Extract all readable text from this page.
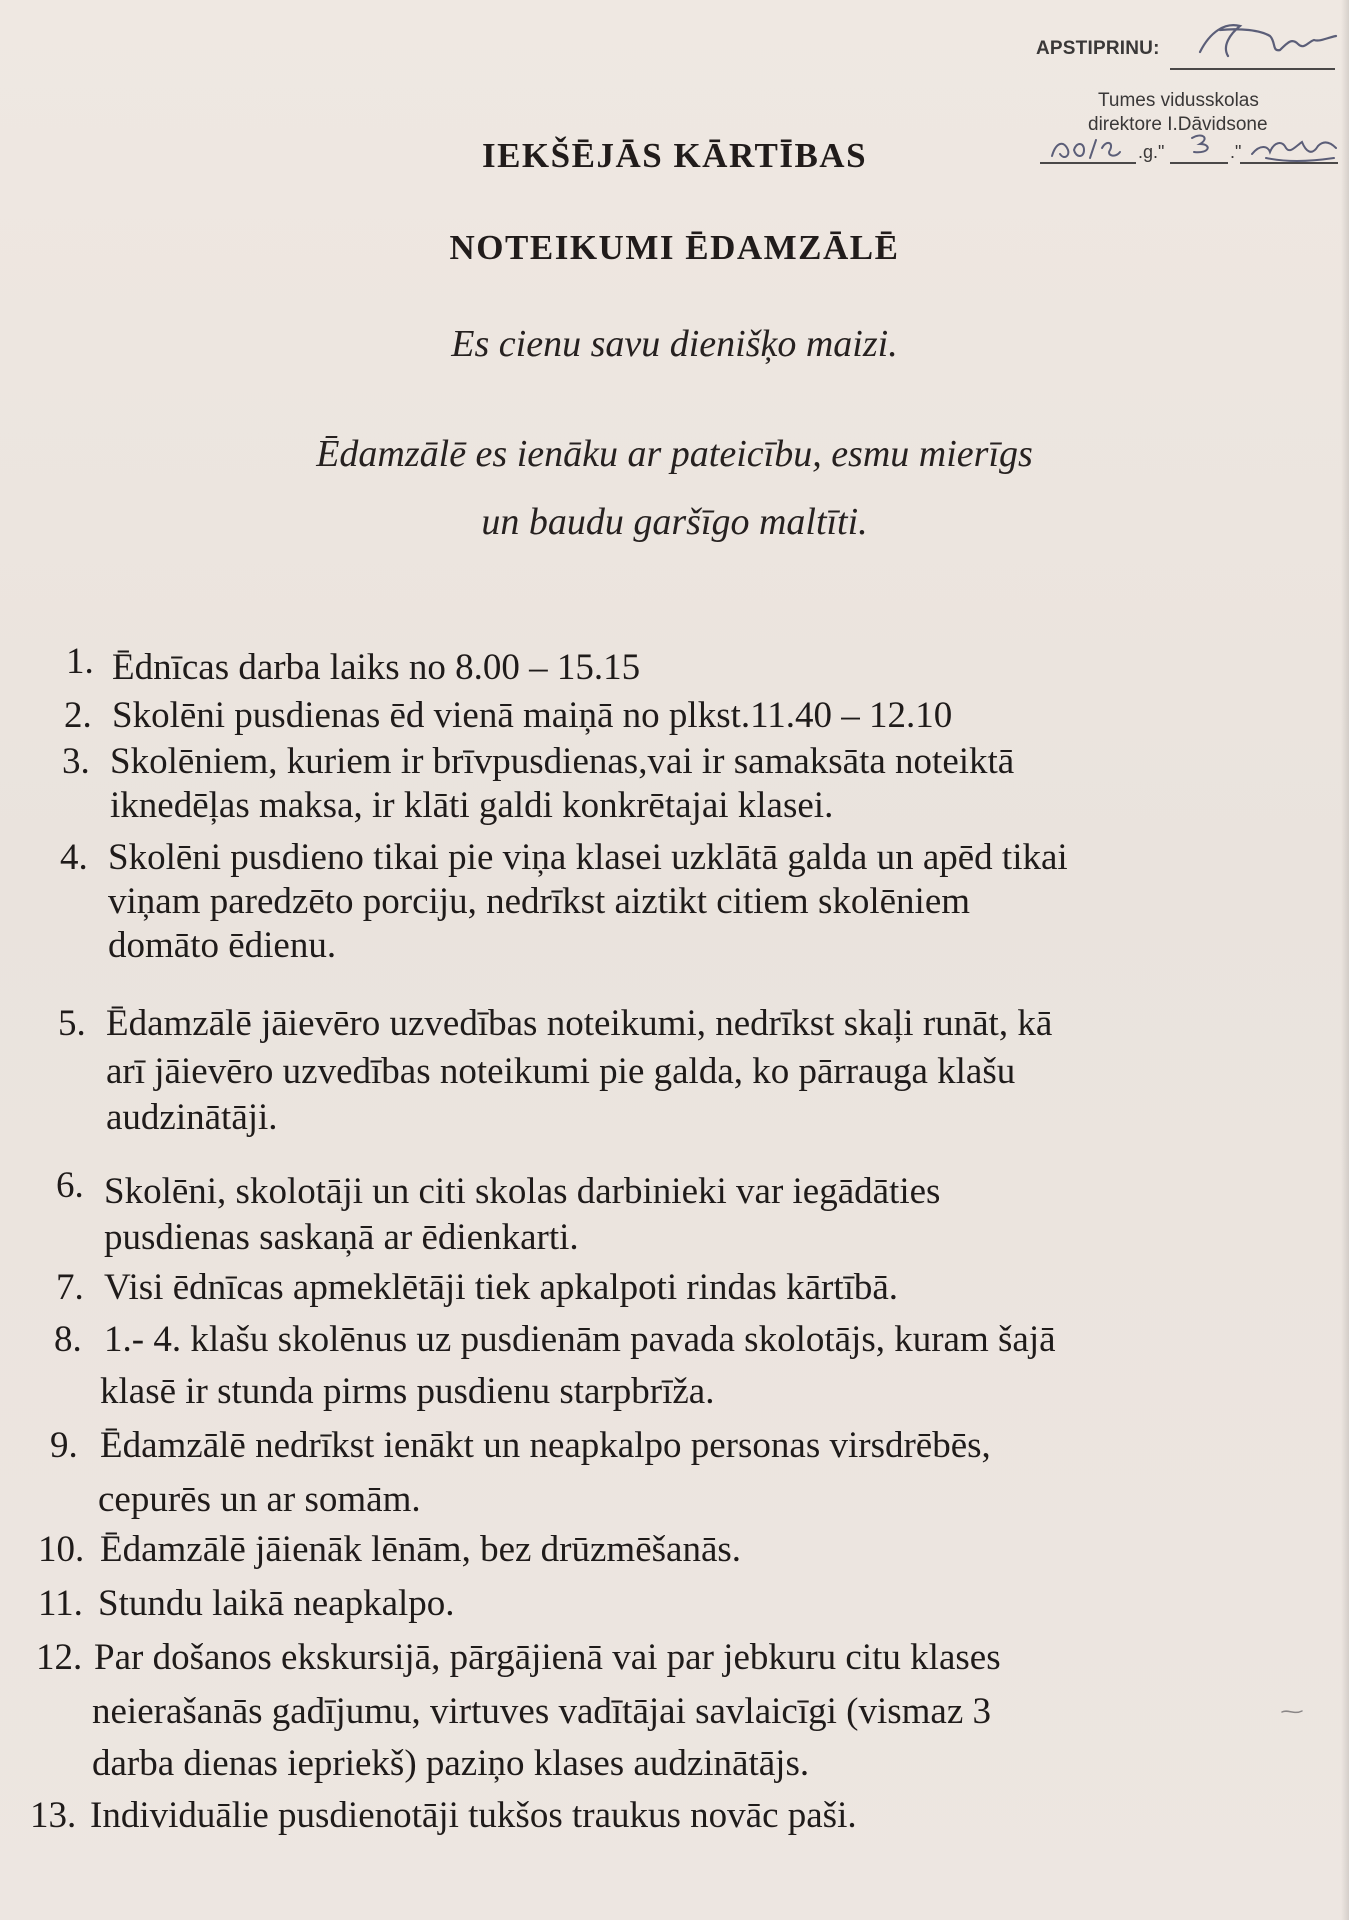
APSTIPRINU:
Tumes vidusskolas
direktore I.Dāvidsone
.g."	."
IEKŠĒJĀS KĀRTĪBAS
NOTEIKUMI ĒDAMZĀLĒ
Es cienu savu dienišķo maizi.
Ēdamzālē es ienāku ar pateicību, esmu mierīgs
un baudu garšīgo maltīti.
1. Ēdnīcas darba laiks no 8.00 – 15.15
2. Skolēni pusdienas ēd vienā maiņā no plkst.11.40 – 12.10
3. Skolēniem, kuriem ir brīvpusdienas,vai ir samaksāta noteiktā
iknedēļas maksa, ir klāti galdi konkrētajai klasei.
4. Skolēni pusdieno tikai pie viņa klasei uzklātā galda un apēd tikai
viņam paredzēto porciju, nedrīkst aiztikt citiem skolēniem
domāto ēdienu.
5. Ēdamzālē jāievēro uzvedības noteikumi, nedrīkst skaļi runāt, kā
arī jāievēro uzvedības noteikumi pie galda, ko pārrauga klašu
audzinātāji.
6. Skolēni, skolotāji un citi skolas darbinieki var iegādāties
pusdienas saskaņā ar ēdienkarti.
7. Visi ēdnīcas apmeklētāji tiek apkalpoti rindas kārtībā.
8. 1.- 4. klašu skolēnus uz pusdienām pavada skolotājs, kuram šajā
klasē ir stunda pirms pusdienu starpbrīža.
9. Ēdamzālē nedrīkst ienākt un neapkalpo personas virsdrēbēs,
cepurēs un ar somām.
10. Ēdamzālē jāienāk lēnām, bez drūzmēšanās.
11. Stundu laikā neapkalpo.
12. Par došanos ekskursijā, pārgājienā vai par jebkuru citu klases
neierašanās gadījumu, virtuves vadītājai savlaicīgi (vismaz 3
darba dienas iepriekš) paziņo klases audzinātājs.
13. Individuālie pusdienotāji tukšos traukus novāc paši.
